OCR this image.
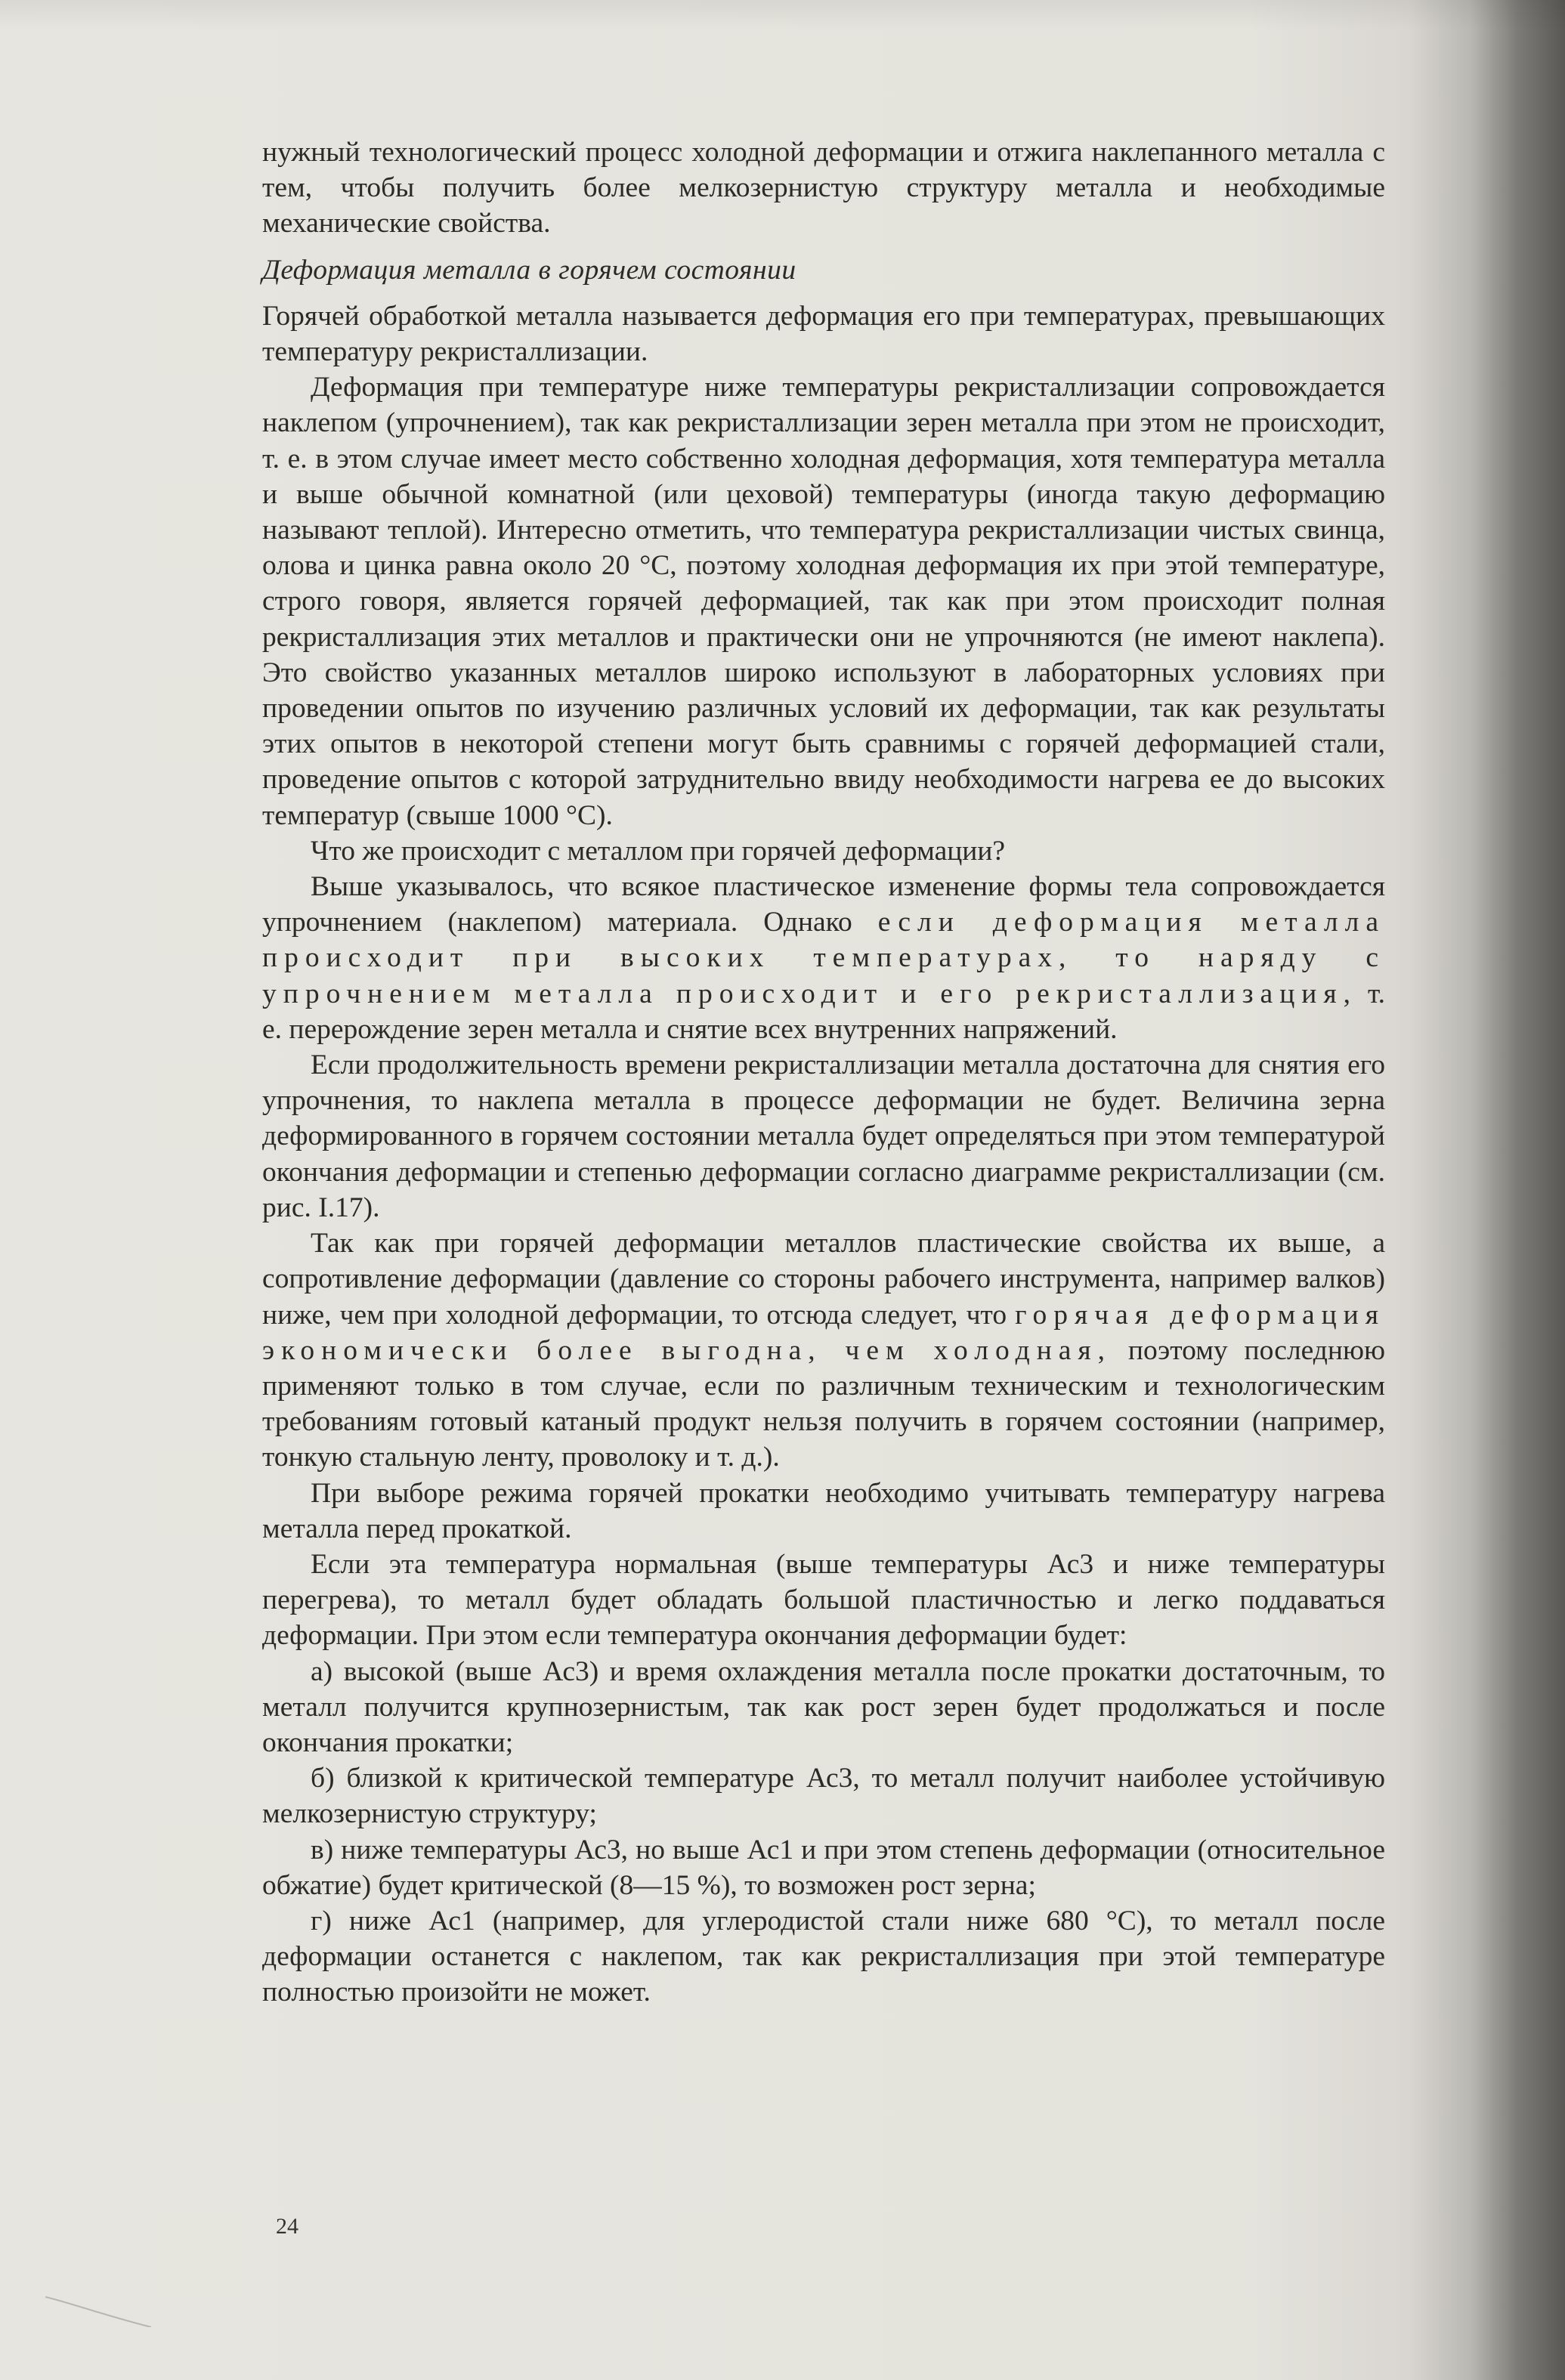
нужный технологический процесс холодной деформации и отжига наклепанного металла с тем, чтобы получить более мелкозернистую структуру металла и необходимые механические свойства.

Деформация металла в горячем состоянии

Горячей обработкой металла называется деформация его при температурах, превышающих температуру рекристаллизации.

Деформация при температуре ниже температуры рекристаллизации сопровождается наклепом (упрочнением), так как рекристаллизации зерен металла при этом не происходит, т. е. в этом случае имеет место собственно холодная деформация, хотя температура металла и выше обычной комнатной (или цеховой) температуры (иногда такую деформацию называют теплой). Интересно отметить, что температура рекристаллизации чистых свинца, олова и цинка равна около 20 °С, поэтому холодная деформация их при этой температуре, строго говоря, является горячей деформацией, так как при этом происходит полная рекристаллизация этих металлов и практически они не упрочняются (не имеют наклепа). Это свойство указанных металлов широко используют в лабораторных условиях при проведении опытов по изучению различных условий их деформации, так как результаты этих опытов в некоторой степени могут быть сравнимы с горячей деформацией стали, проведение опытов с которой затруднительно ввиду необходимости нагрева ее до высоких температур (свыше 1000 °С).

Что же происходит с металлом при горячей деформации?

Выше указывалось, что всякое пластическое изменение формы тела сопровождается упрочнением (наклепом) материала. Однако если деформация металла происходит при высоких температурах, то наряду с упрочнением металла происходит и его рекристаллизация, т. е. перерождение зерен металла и снятие всех внутренних напряжений.

Если продолжительность времени рекристаллизации металла достаточна для снятия его упрочнения, то наклепа металла в процессе деформации не будет. Величина зерна деформированного в горячем состоянии металла будет определяться при этом температурой окончания деформации и степенью деформации согласно диаграмме рекристаллизации (см. рис. I.17).

Так как при горячей деформации металлов пластические свойства их выше, а сопротивление деформации (давление со стороны рабочего инструмента, например валков) ниже, чем при холодной деформации, то отсюда следует, что горячая деформация экономически более выгодна, чем холодная, поэтому последнюю применяют только в том случае, если по различным техническим и технологическим требованиям готовый катаный продукт нельзя получить в горячем состоянии (например, тонкую стальную ленту, проволоку и т. д.).

При выборе режима горячей прокатки необходимо учитывать температуру нагрева металла перед прокаткой.

Если эта температура нормальная (выше температуры Ас3 и ниже температуры перегрева), то металл будет обладать большой пластичностью и легко поддаваться деформации. При этом если температура окончания деформации будет:

а) высокой (выше Ас3) и время охлаждения металла после прокатки достаточным, то металл получится крупнозернистым, так как рост зерен будет продолжаться и после окончания прокатки;

б) близкой к критической температуре Ас3, то металл получит наиболее устойчивую мелкозернистую структуру;

в) ниже температуры Ас3, но выше Ас1 и при этом степень деформации (относительное обжатие) будет критической (8—15 %), то возможен рост зерна;

г) ниже Ас1 (например, для углеродистой стали ниже 680 °С), то металл после деформации останется с наклепом, так как рекристаллизация при этой температуре полностью произойти не может.

24
